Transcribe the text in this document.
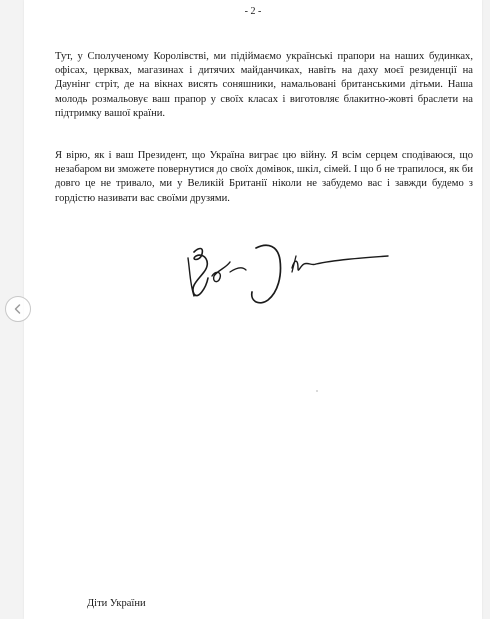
- 2 -
Тут, у Сполученому Королівстві, ми підіймаємо українські прапори на наших будинках, офісах, церквах, магазинах і дитячих майданчиках, навіть на даху моєї резиденції на Даунінг стріт, де на вікнах висять соняшники, намальовані британськими дітьми. Наша молодь розмальовує ваш прапор у своїх класах і виготовляє блакитно-жовті браслети на підтримку вашої країни.
Я вірю, як і ваш Президент, що Україна виграє цю війну. Я всім серцем сподіваюся, що незабаром ви зможете повернутися до своїх домівок, шкіл, сімей. І що б не трапилося, як би довго це не тривало, ми у Великій Британії ніколи не забудемо вас і завжди будемо з гордістю називати вас своїми друзями.
Діти України
